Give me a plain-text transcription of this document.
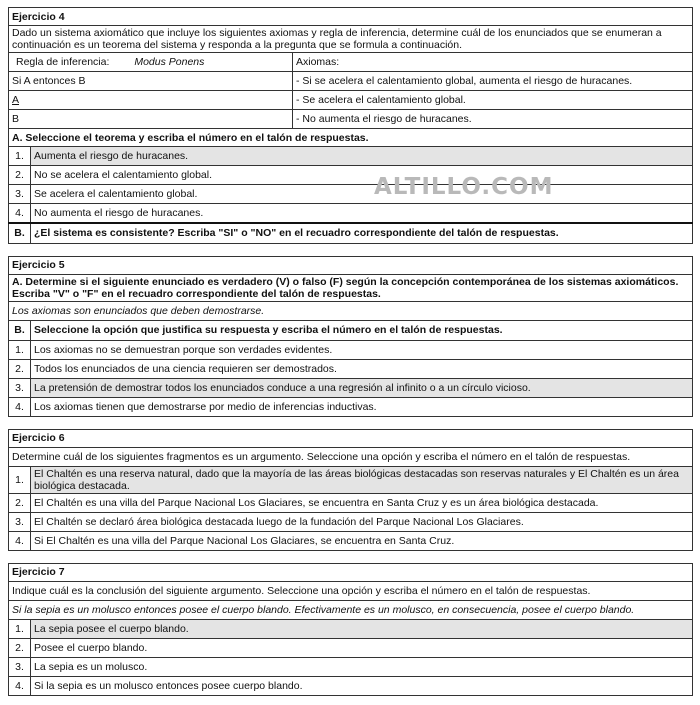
Ejercicio 4		
Dado un sistema axiomático que incluye los siguientes axiomas y regla de inferencia, determine cuál de los enunciados que se enumeran a continuación es un teorema del sistema y responda a la pregunta que se formula a continuación.		
Regla de inferencia: Modus Ponens		Axiomas:
Si A entonces B		- Si se acelera el calentamiento global, aumenta el riesgo de huracanes.
A		- Se acelera el calentamiento global.
B		- No aumenta el riesgo de huracanes.
A. Seleccione el teorema y escriba el número en el talón de respuestas.		
1.	Aumenta el riesgo de huracanes.	
2.	No se acelera el calentamiento global.	
3.	Se acelera el calentamiento global.	
4.	No aumenta el riesgo de huracanes.	
B.	¿El sistema es consistente? Escriba "SI" o "NO" en el recuadro correspondiente del talón de respuestas.	
Ejercicio 5	
A. Determine si el siguiente enunciado es verdadero (V) o falso (F) según la concepción contemporánea de los sistemas axiomáticos. Escriba "V" o "F" en el recuadro correspondiente del talón de respuestas.	
Los axiomas son enunciados que deben demostrarse.	
B.	Seleccione la opción que justifica su respuesta y escriba el número en el talón de respuestas.
1.	Los axiomas no se demuestran porque son verdades evidentes.
2.	Todos los enunciados de una ciencia requieren ser demostrados.
3.	La pretensión de demostrar todos los enunciados conduce a una regresión al infinito o a un círculo vicioso.
4.	Los axiomas tienen que demostrarse por medio de inferencias inductivas.
Ejercicio 6	
Determine cuál de los siguientes fragmentos es un argumento. Seleccione una opción y escriba el número en el talón de respuestas.	
1.	El Chaltén es una reserva natural, dado que la mayoría de las áreas biológicas destacadas son reservas naturales y El Chaltén es un área biológica destacada.
2.	El Chaltén es una villa del Parque Nacional Los Glaciares, se encuentra en Santa Cruz y es un área biológica destacada.
3.	El Chaltén se declaró área biológica destacada luego de la fundación del Parque Nacional Los Glaciares.
4.	Si El Chaltén es una villa del Parque Nacional Los Glaciares, se encuentra en Santa Cruz.
Ejercicio 7	
Indique cuál es la conclusión del siguiente argumento. Seleccione una opción y escriba el número en el talón de respuestas.	
Si la sepia es un molusco entonces posee el cuerpo blando. Efectivamente es un molusco, en consecuencia, posee el cuerpo blando.	
1.	La sepia posee el cuerpo blando.
2.	Posee el cuerpo blando.
3.	La sepia es un molusco.
4.	Si la sepia es un molusco entonces posee cuerpo blando.
ALTILLO.COM
